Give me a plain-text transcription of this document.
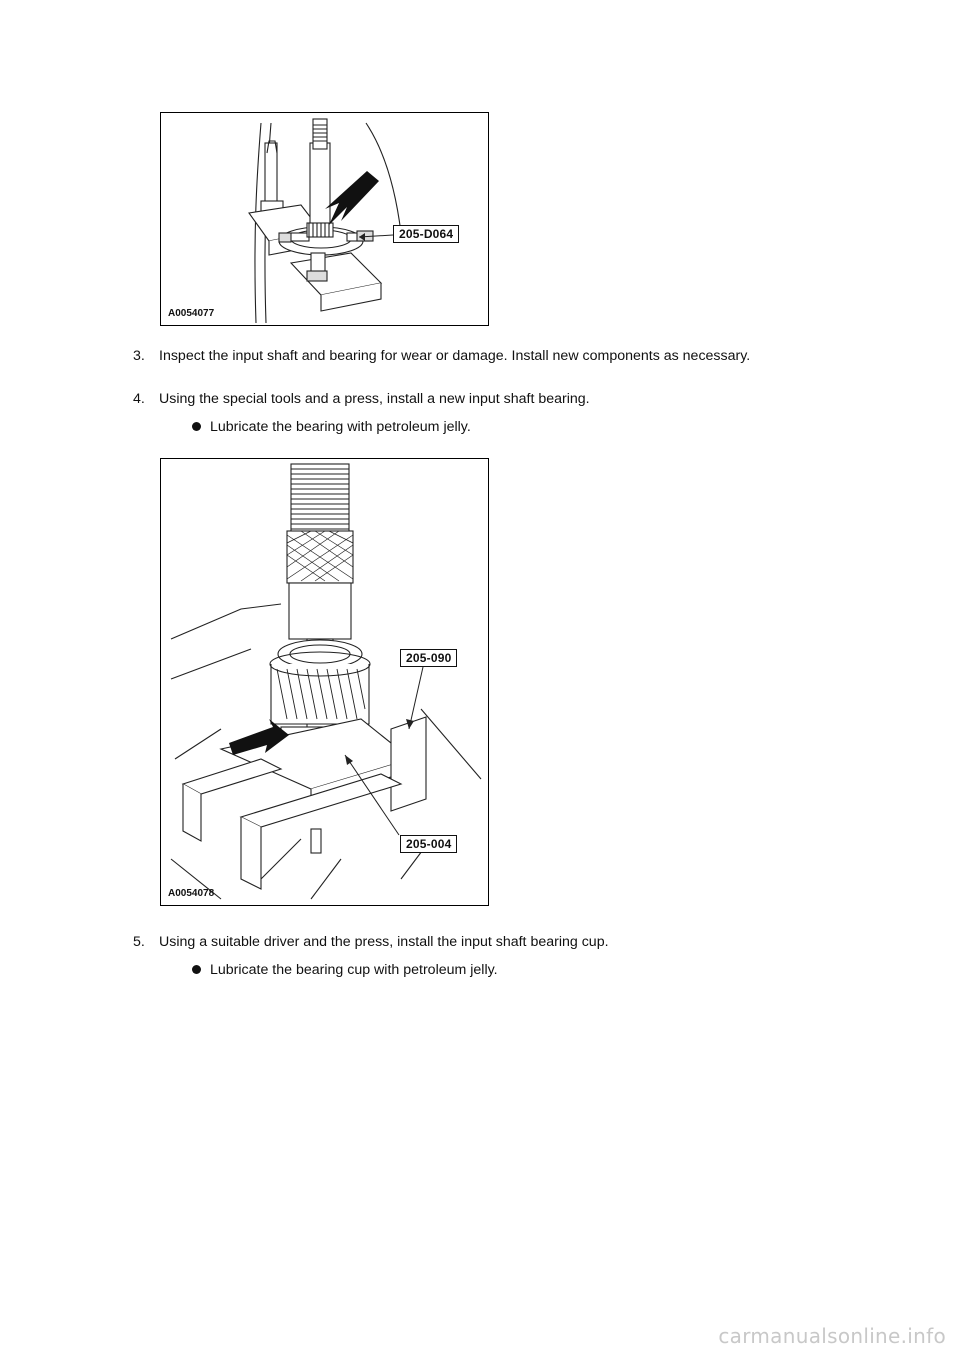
205-D064
A0054077
3. Inspect the input shaft and bearing for wear or damage. Install new components as necessary.
4. Using the special tools and a press, install a new input shaft bearing.
Lubricate the bearing with petroleum jelly.
205-090
205-004
A0054078
5. Using a suitable driver and the press, install the input shaft bearing cup.
Lubricate the bearing cup with petroleum jelly.
carmanualsonline.info
